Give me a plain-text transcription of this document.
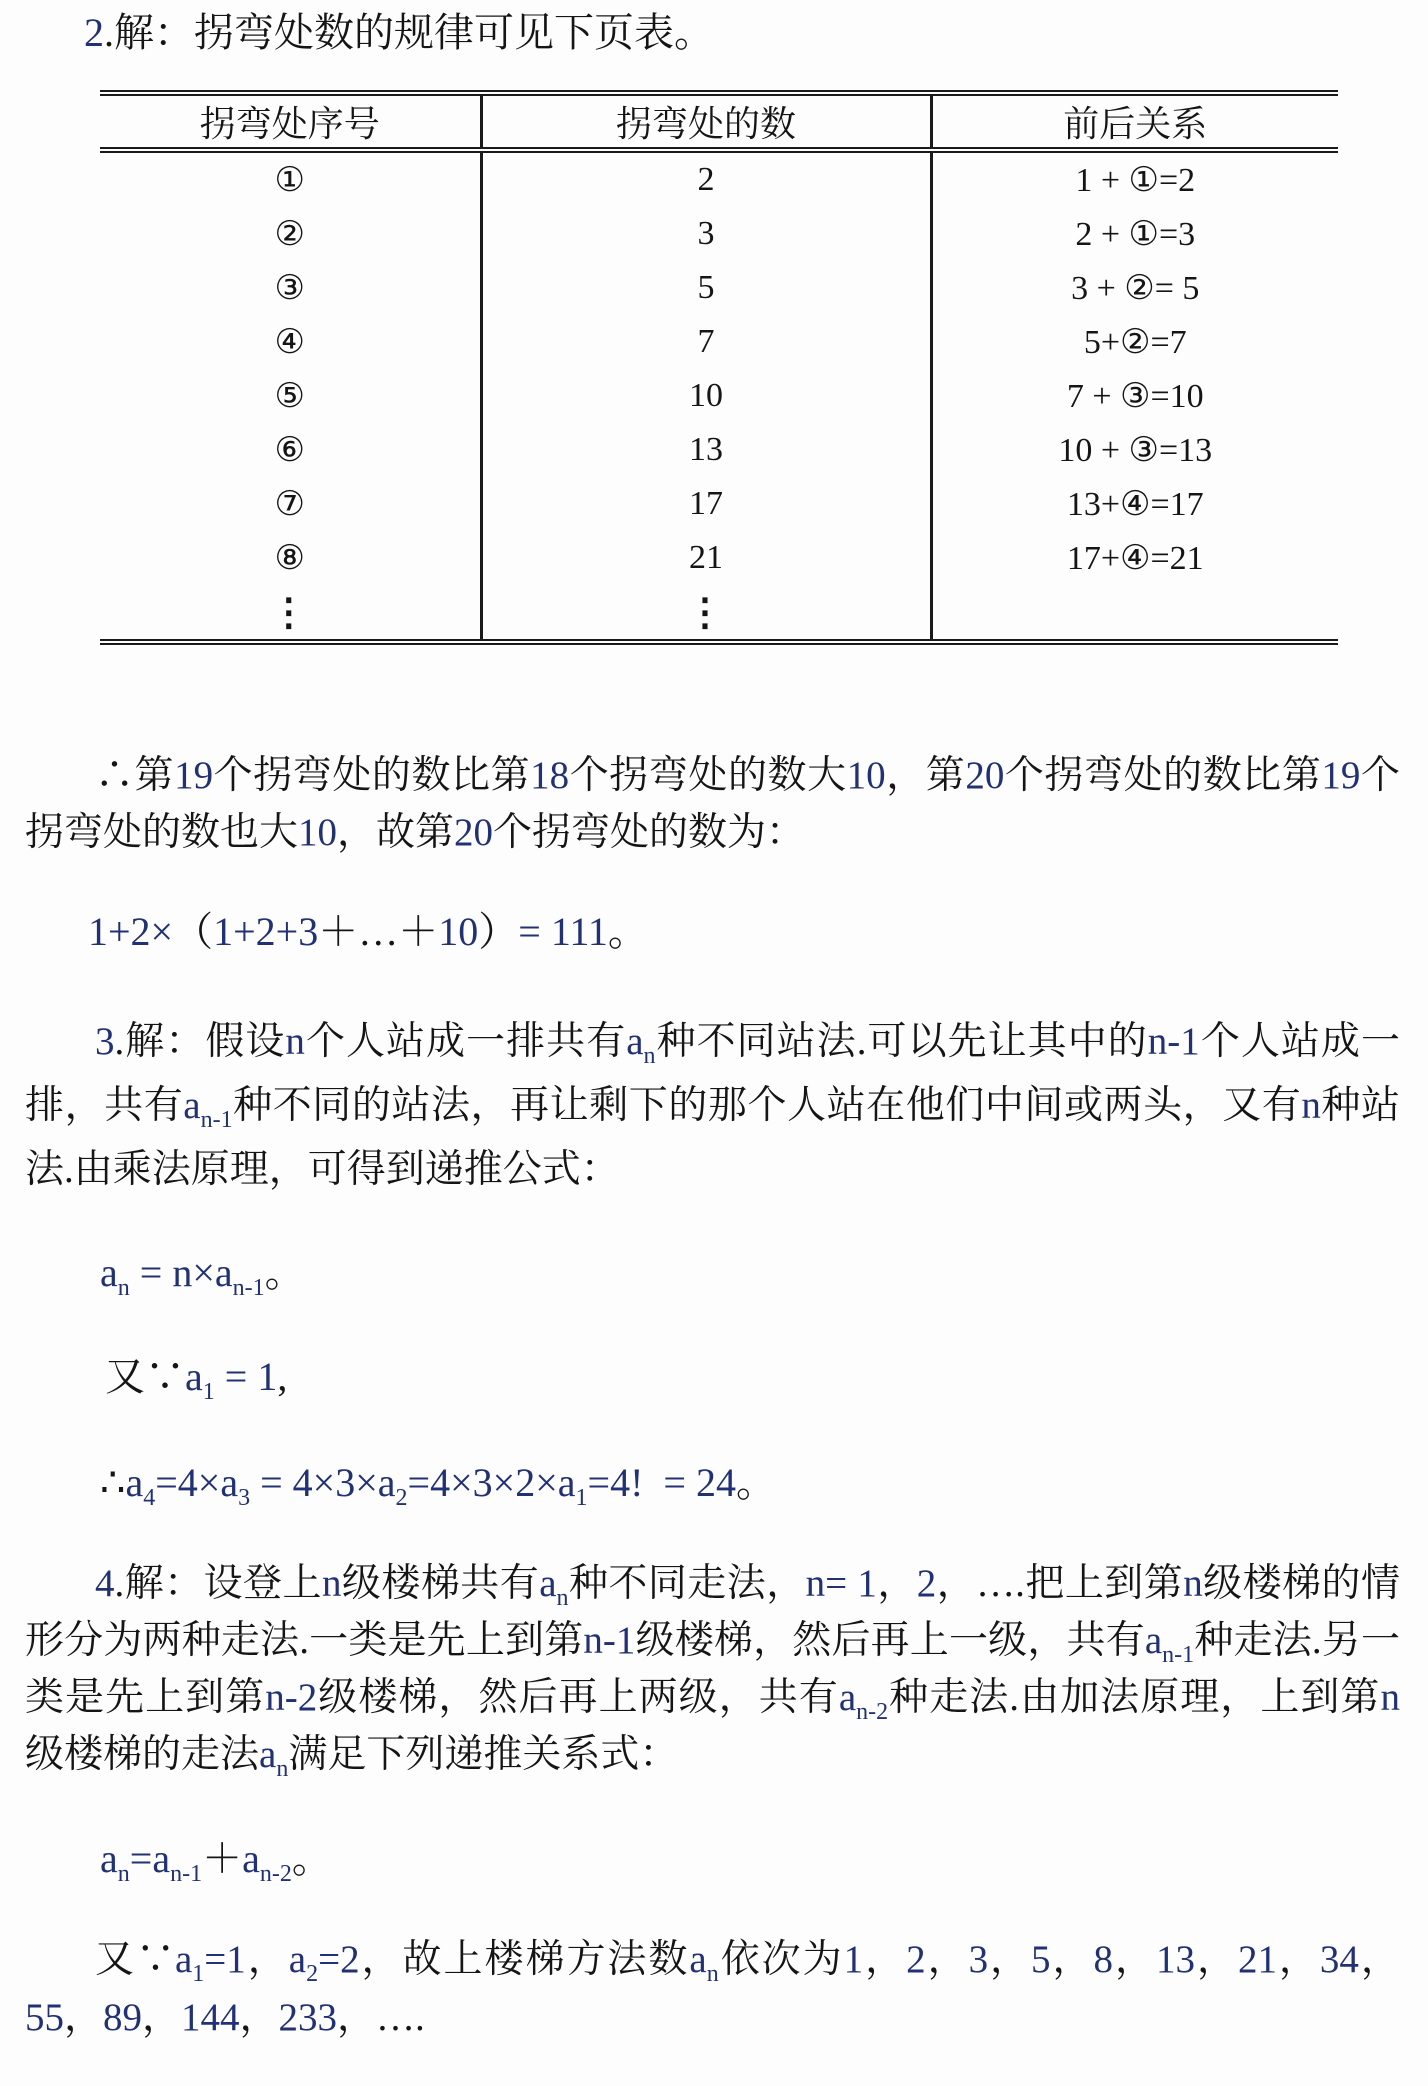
2.解：拐弯处数的规律可见下页表。

拐弯处序号	拐弯处的数	前后关系
①	2	1 + ①=2
②	3	2 + ①=3
③	5	3 + ②= 5
④	7	5+②=7
⑤	10	7 + ③=10
⑥	13	10 + ③=13
⑦	17	13+④=17
⑧	21	17+④=21
⋮	⋮	

∴第19个拐弯处的数比第18个拐弯处的数大10，第20个拐弯处的数比第19个拐弯处的数也大10，故第20个拐弯处的数为：

1+2×（1+2+3＋…＋10）= 111。

3.解：假设n个人站成一排共有$a_n$种不同站法.可以先让其中的n-1个人站成一排，共有$a_{n-1}$种不同的站法，再让剩下的那个人站在他们中间或两头，又有n种站法.由乘法原理，可得到递推公式：

$a_n = n\times a_{n-1}$。

又$\because a_1 = 1$,

$\therefore a_4=4\times a_3 = 4\times 3\times a_2=4\times 3\times 2\times a_1=4$! = 24。

4.解：设登上n级楼梯共有$a_n$种不同走法，n= 1，2，….把上到第n级楼梯的情形分为两种走法.一类是先上到第n-1级楼梯，然后再上一级，共有$a_{n-1}$种走法.另一类是先上到第n-2级楼梯，然后再上两级，共有$a_{n-2}$种走法.由加法原理，上到第n级楼梯的走法$a_n$满足下列递推关系式：

$a_n=a_{n-1}+a_{n-2}$。

又$\because a_1=1$，$a_2=2$，故上楼梯方法数$a_n$依次为1，2，3，5，8，13，21，34，55，89，144，233，….
